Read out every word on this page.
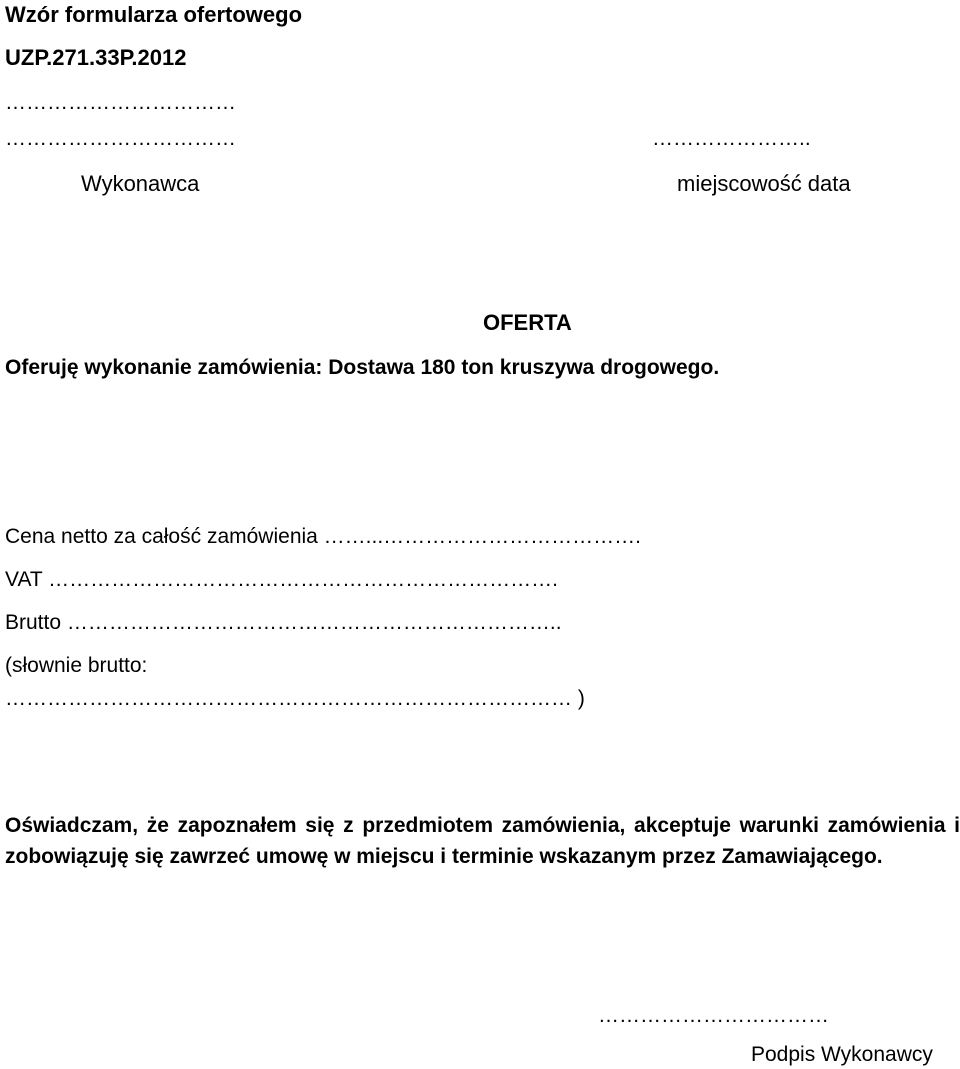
Wzór formularza ofertowego
UZP.271.33P.2012
……………………………
……………………………	…………………..
Wykonawca	miejscowość data
OFERTA
Oferuję wykonanie zamówienia: Dostawa 180 ton kruszywa drogowego.
Cena netto za całość zamówienia ……...……………………………….
VAT ……………………………………………………………….
Brutto ……………………………………………………………..
(słownie brutto:
……………………………………………………………………… )
Oświadczam, że zapoznałem się z przedmiotem zamówienia, akceptuje warunki zamówienia i zobowiązuję się zawrzeć umowę w miejscu i terminie wskazanym przez Zamawiającego.
……………………………
Podpis Wykonawcy
